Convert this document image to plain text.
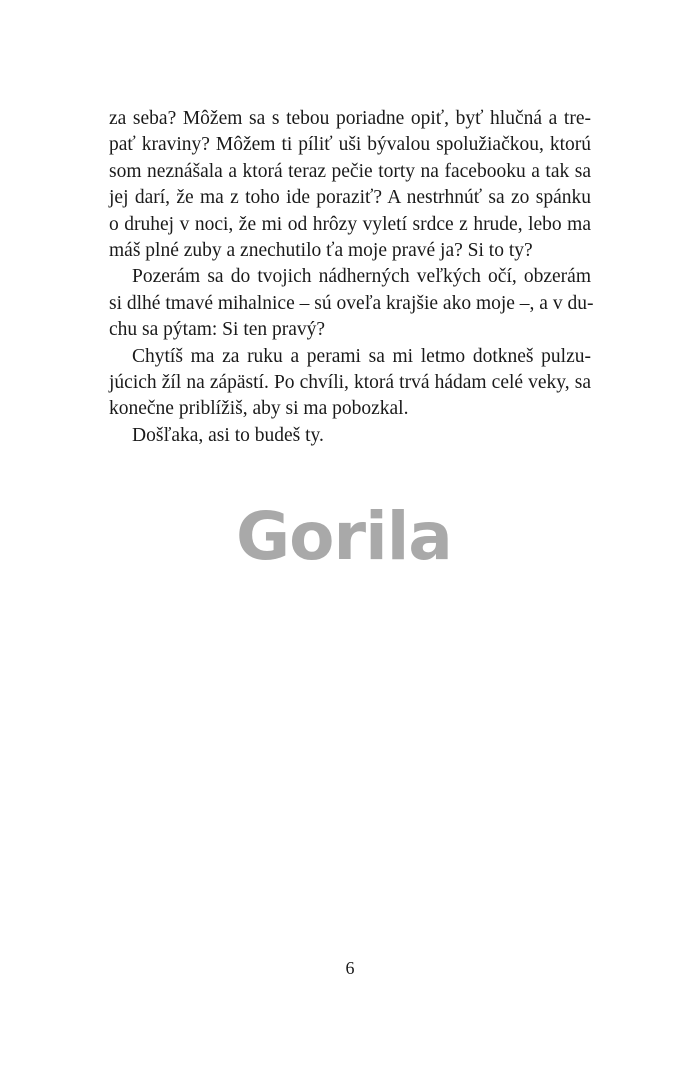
za seba? Môžem sa s tebou poriadne opiť, byť hlučná a tre-
pať kraviny? Môžem ti píliť uši bývalou spolužiačkou, ktorú
som neznášala a ktorá teraz pečie torty na facebooku a tak sa
jej darí, že ma z toho ide poraziť? A nestrhnúť sa zo spánku
o druhej v noci, že mi od hrôzy vyletí srdce z hrude, lebo ma
máš plné zuby a znechutilo ťa moje pravé ja? Si to ty?
Pozerám sa do tvojich nádherných veľkých očí, obzerám
si dlhé tmavé mihalnice – sú oveľa krajšie ako moje –, a v du-
chu sa pýtam: Si ten pravý?
Chytíš ma za ruku a perami sa mi letmo dotkneš pulzu-
júcich žíl na zápästí. Po chvíli, ktorá trvá hádam celé veky, sa
konečne priblížiš, aby si ma pobozkal.
Došľaka, asi to budeš ty.
Gorila
6
